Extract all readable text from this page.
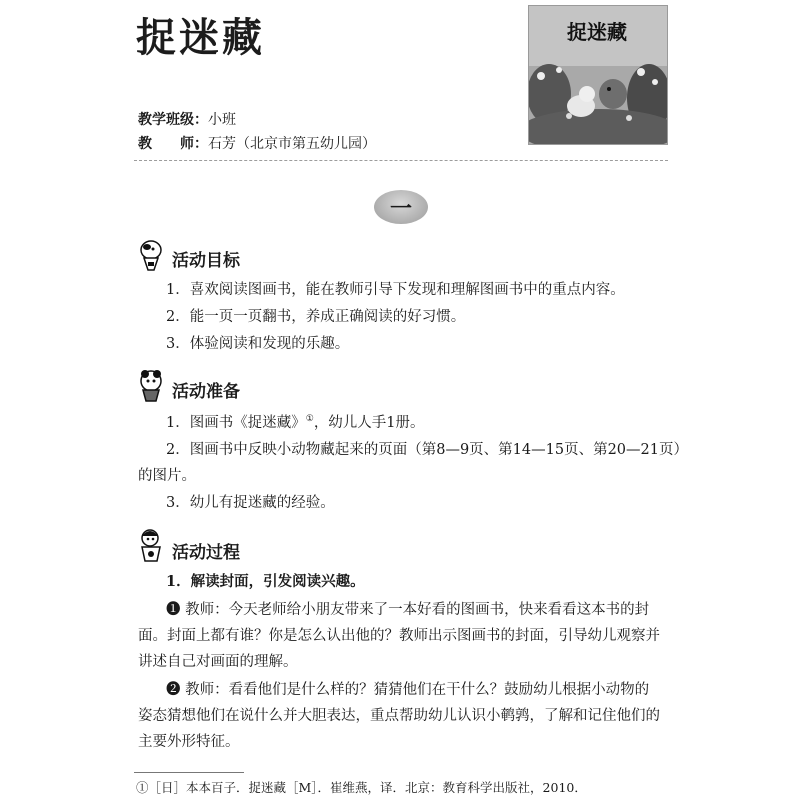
捉迷藏
教学班级：小班
教　　师：石芳（北京市第五幼儿园）
捉迷藏
一
活动目标
1．喜欢阅读图画书，能在教师引导下发现和理解图画书中的重点内容。
2．能一页一页翻书，养成正确阅读的好习惯。
3．体验阅读和发现的乐趣。
活动准备
1．图画书《捉迷藏》①，幼儿人手1册。
2．图画书中反映小动物藏起来的页面（第8—9页、第14—15页、第20—21页）
的图片。
3．幼儿有捉迷藏的经验。
活动过程
1．解读封面，引发阅读兴趣。
❶ 教师：今天老师给小朋友带来了一本好看的图画书，快来看看这本书的封
面。封面上都有谁？你是怎么认出他的？教师出示图画书的封面，引导幼儿观察并
讲述自己对画面的理解。
❷ 教师：看看他们是什么样的？猜猜他们在干什么？鼓励幼儿根据小动物的
姿态猜想他们在说什么并大胆表达，重点帮助幼儿认识小鹌鹑，了解和记住他们的
主要外形特征。
①［日］本本百子．捉迷藏［M］．崔维燕，译．北京：教育科学出版社，2010．
